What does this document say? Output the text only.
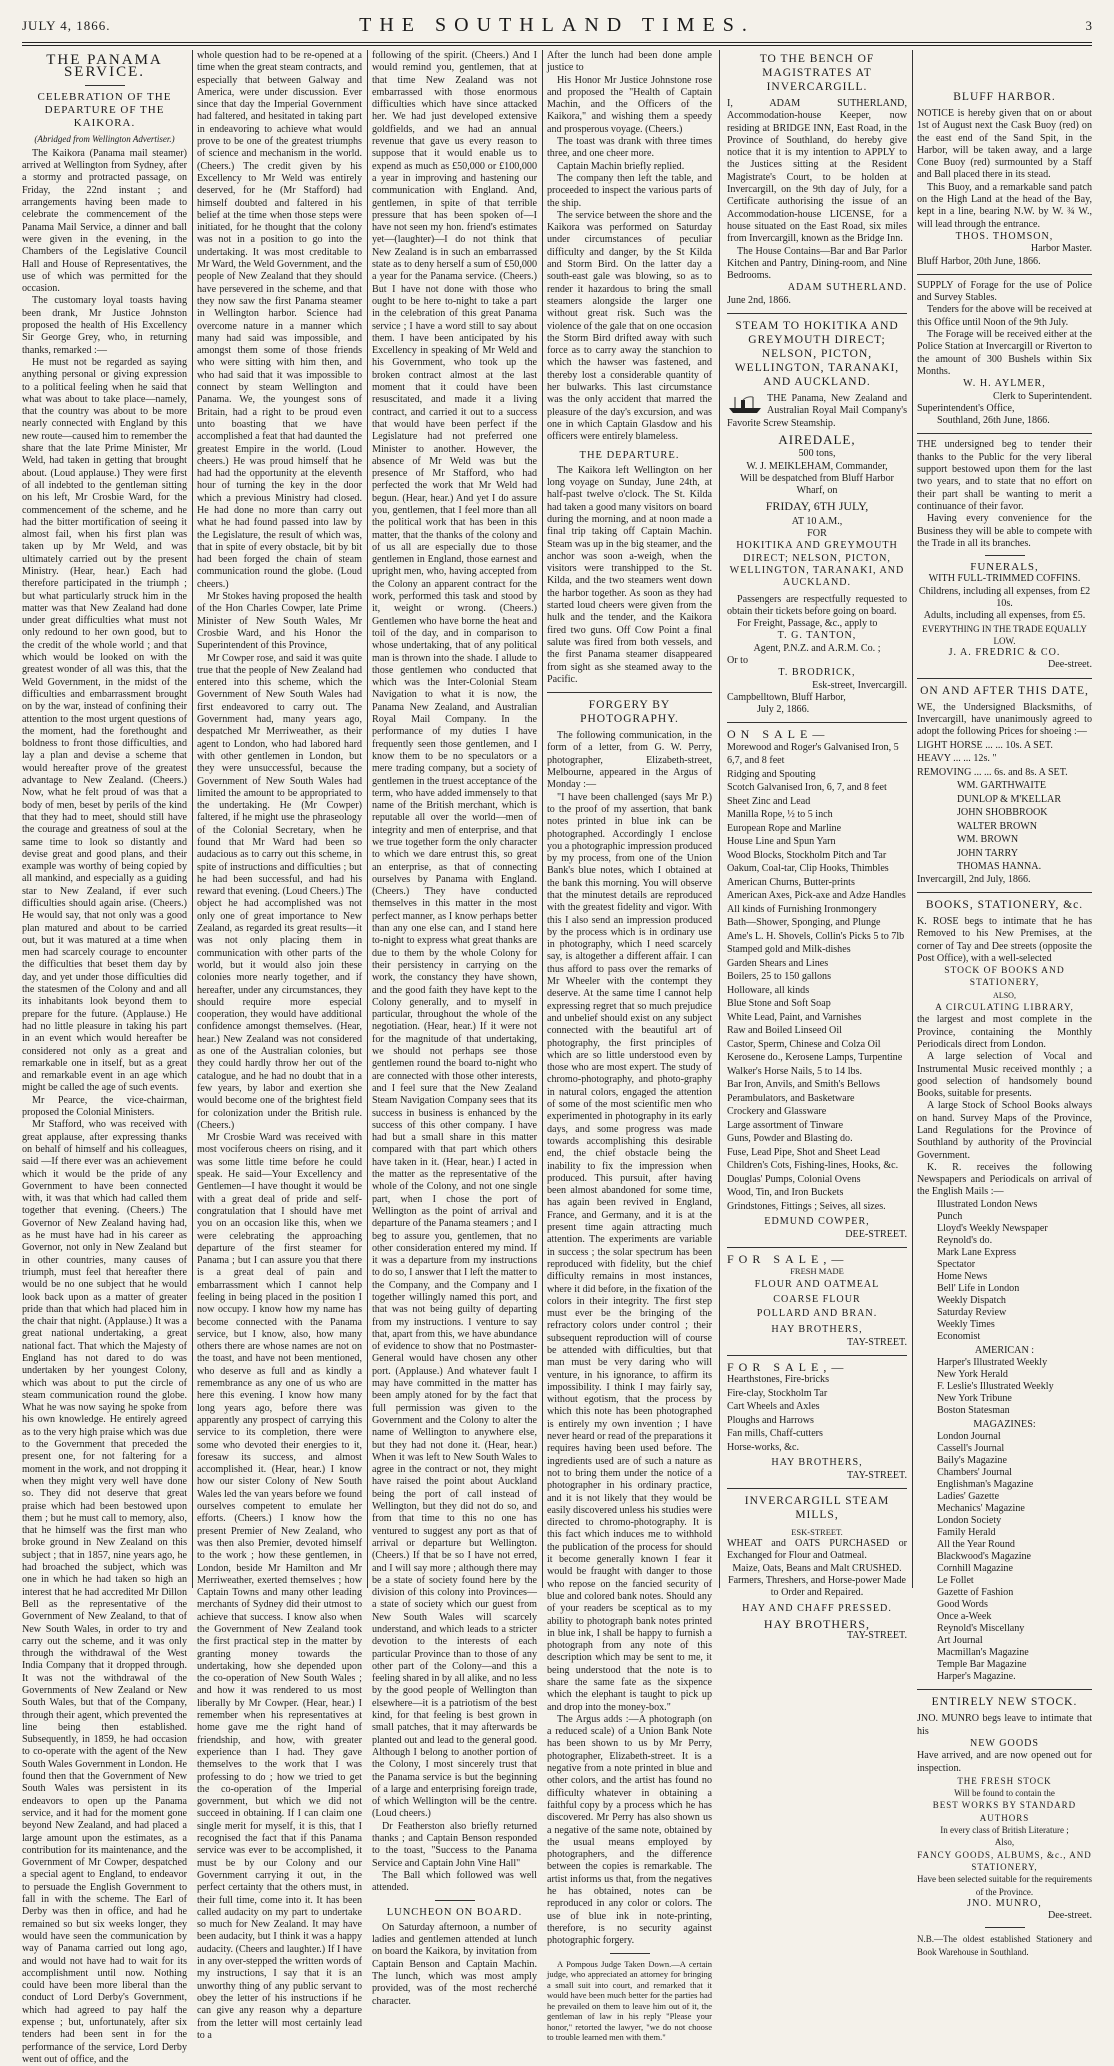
JULY 4, 1866.	THE SOUTHLAND TIMES.	3
THE PANAMA SERVICE.
CELEBRATION OF THE DEPARTURE OF THE KAIKORA.
(Abridged from Wellington Advertiser.)

The Kaikora (Panama mail steamer) arrived at Wellington from Sydney, after a stormy and protracted passage, on Friday, the 22nd instant ; and arrangements having been made to celebrate the commencement of the Panama Mail Service, a dinner and ball were given in the evening, in the Chambers of the Legislative Council Hall and House of Representatives, the use of which was permitted for the occasion.

The customary loyal toasts having been drank, Mr Justice Johnston proposed the health of His Excellency Sir George Grey, who, in returning thanks, remarked :—

He must not be regarded as saying anything personal or giving expression to a political feeling when he said that what was about to take place—namely, that the country was about to be more nearly connected with England by this new route—caused him to remember the share that the late Prime Minister, Mr Weld, had taken in getting that brought about. (Loud applause.) They were first of all indebted to the gentleman sitting on his left, Mr Crosbie Ward, for the commencement of the scheme, and he had the bitter mortification of seeing it almost fail, when his first plan was taken up by Mr Weld, and was ultimately carried out by the present Ministry. (Hear, hear.) Each had therefore participated in the triumph ; but what particularly struck him in the matter was that New Zealand had done under great difficulties what must not only redound to her own good, but to the credit of the whole world ; and that which would be looked on with the greatest wonder of all was this, that the Weld Government, in the midst of the difficulties and embarrassment brought on by the war, instead of confining their attention to the most urgent questions of the moment, had the forethought and boldness to front those difficulties, and lay a plan and devise a scheme that would hereafter prove of the greatest advantage to New Zealand. (Cheers.) Now, what he felt proud of was that a body of men, beset by perils of the kind that they had to meet, should still have the courage and greatness of soul at the same time to look so distantly and devise great and good plans, and their example was worthy of being copied by all mankind, and especially as a guiding star to New Zealand, if ever such difficulties should again arise. (Cheers.) He would say, that not only was a good plan matured and about to be carried out, but it was matured at a time when men had scarcely courage to encounter the difficulties that beset them day by day, and yet under those difficulties did the statesmen of the Colony and and all its inhabitants look beyond them to prepare for the future. (Applause.) He had no little pleasure in taking his part in an event which would hereafter be considered not only as a great and remarkable one in itself, but as a great and remarkable event in an age which might be called the age of such events.

Mr Pearce, the vice-chairman, proposed the Colonial Ministers.

Mr Stafford, who was received with great applause, after expressing thanks on behalf of himself and his colleagues, said —If there ever was an achievement which it would be the pride of any Government to have been connected with, it was that which had called them together that evening. (Cheers.) The Governor of New Zealand having had, as he must have had in his career as Governor, not only in New Zealand but in other countries, many causes of triumph, must feel that hereafter there would be no one subject that he would look back upon as a matter of greater pride than that which had placed him in the chair that night. (Applause.) It was a great national undertaking, a great national fact. That which the Majesty of England has not dared to do was undertaken by her youngest Colony, which was about to put the circle of steam communication round the globe. What he was now saying he spoke from his own knowledge. He entirely agreed as to the very high praise which was due to the Government that preceded the present one, for not faltering for a moment in the work, and not dropping it when they might very well have done so. They did not deserve that great praise which had been bestowed upon them ; but he must call to memory, also, that he himself was the first man who broke ground in New Zealand on this subject ; that in 1857, nine years ago, he had broached the subject, which was one in which he had taken so high an interest that he had accredited Mr Dillon Bell as the representative of the Government of New Zealand, to that of New South Wales, in order to try and carry out the scheme, and it was only through the withdrawal of the West India Company that it dropped through. It was not the withdrawal of the Governments of New Zealand or New South Wales, but that of the Company, through their agent, which prevented the line being then established. Subsequently, in 1859, he had occasion to co-operate with the agent of the New South Wales Government in London. He found then that the Government of New South Wales was persistent in its endeavors to open up the Panama service, and it had for the moment gone beyond New Zealand, and had placed a large amount upon the estimates, as a contribution for its maintenance, and the Government of Mr Cowper, despatched a special agent to England, to endeavor to persuade the English Government to fall in with the scheme. The Earl of Derby was then in office, and had he remained so but six weeks longer, they would have seen the communication by way of Panama carried out long ago, and would not have had to wait for its accomplishment until now. Nothing could have been more liberal than the conduct of Lord Derby's Government, which had agreed to pay half the expense ; but, unfortunately, after six tenders had been sent in for the performance of the service, Lord Derby went out of office, and the

whole question had to be re-opened at a time when the great steam contracts, and especially that between Galway and America, were under discussion. Ever since that day the Imperial Government had faltered, and hesitated in taking part in endeavoring to achieve what would prove to be one of the greatest triumphs of science and mechanism in the world. (Cheers.) The credit given by his Excellency to Mr Weld was entirely deserved, for he (Mr Stafford) had himself doubted and faltered in his belief at the time when those steps were initiated, for he thought that the colony was not in a position to go into the undertaking. It was most creditable to Mr Ward, the Weld Government, and the people of New Zealand that they should have persevered in the scheme, and that they now saw the first Panama steamer in Wellington harbor. Science had overcome nature in a manner which many had said was impossible, and amongst them some of those friends who were sitting with him then, and who had said that it was impossible to connect by steam Wellington and Panama. We, the youngest sons of Britain, had a right to be proud even unto boasting that we have accomplished a feat that had daunted the greatest Empire in the world. (Loud cheers.) He was proud himself that he had had the opportunity at the eleventh hour of turning the key in the door which a previous Ministry had closed. He had done no more than carry out what he had found passed into law by the Legislature, the result of which was, that in spite of every obstacle, bit by bit had been forged the chain of steam communication round the globe. (Loud cheers.)

Mr Stokes having proposed the health of the Hon Charles Cowper, late Prime Minister of New South Wales, Mr Crosbie Ward, and his Honor the Superintendent of this Province,

Mr Cowper rose, and said it was quite true that the people of New Zealand had entered into this scheme, which the Government of New South Wales had first endeavored to carry out. The Government had, many years ago, despatched Mr Merriweather, as their agent to London, who had labored hard with other gentlemen in London, but they were unsuccessful, because the Government of New South Wales had limited the amount to be appropriated to the undertaking. He (Mr Cowper) faltered, if he might use the phraseology of the Colonial Secretary, when he found that Mr Ward had been so audacious as to carry out this scheme, in spite of instructions and difficulties ; but he had been successful, and had his reward that evening. (Loud Cheers.) The object he had accomplished was not only one of great importance to New Zealand, as regarded its great results—it was not only placing them in communication with other parts of the world, but it would also join these colonies more nearly together, and if hereafter, under any circumstances, they should require more especial cooperation, they would have additional confidence amongst themselves. (Hear, hear.) New Zealand was not considered as one of the Australian colonies, but they could hardly throw her out of the catalogue, and he had no doubt that in a few years, by labor and exertion she would become one of the brightest field for colonization under the British rule. (Cheers.)

Mr Crosbie Ward was received with most vociferous cheers on rising, and it was some little time before he could speak. He said—Your Excellency and Gentlemen—I have thought it would be with a great deal of pride and self-congratulation that I should have met you on an occasion like this, when we were celebrating the approaching departure of the first steamer for Panama ; but I can assure you that there is a great deal of pain and embarrassment which I cannot help feeling in being placed in the position I now occupy. I know how my name has become connected with the Panama service, but I know, also, how many others there are whose names are not on the toast, and have not been mentioned, who deserve as full and as kindly a remembrance as any one of us who are here this evening. I know how many long years ago, before there was apparently any prospect of carrying this service to its completion, there were some who devoted their energies to it, foresaw its success, and almost accomplished it. (Hear, hear.) I know how our sister Colony of New South Wales led the van years before we found ourselves competent to emulate her efforts. (Cheers.) I know how the present Premier of New Zealand, who was then also Premier, devoted himself to the work ; how these gentlemen, in London, beside Mr Hamilton and Mr Merriweather, exerted themselves ; how Captain Towns and many other leading merchants of Sydney did their utmost to achieve that success. I know also when the Government of New Zealand took the first practical step in the matter by granting money towards the undertaking, how she depended upon the co-operation of New South Wales ; and how it was rendered to us most liberally by Mr Cowper. (Hear, hear.) I remember when his representatives at home gave me the right hand of friendship, and how, with greater experience than I had. They gave themselves to the work that I was professing to do ; how we tried to get the co-operation of the Imperial government, but which we did not succeed in obtaining. If I can claim one single merit for myself, it is this, that I recognised the fact that if this Panama service was ever to be accomplished, it must be by our Colony and our Government carrying it out, in the perfect certainty that the others must, in their full time, come into it. It has been called audacity on my part to undertake so much for New Zealand. It may have been audacity, but I think it was a happy audacity. (Cheers and laughter.) If I have in any over-stepped the written words of my instructions, I say that it is an unworthy thing of any public servant to obey the letter of his instructions if he can give any reason why a departure from the letter will most certainly lead to a

following of the spirit. (Cheers.) And I would remind you, gentlemen, that at that time New Zealand was not embarrassed with those enormous difficulties which have since attacked her. We had just developed extensive goldfields, and we had an annual revenue that gave us every reason to suppose that it would enable us to expend as much as £50,000 or £100,000 a year in improving and hastening our communication with England. And, gentlemen, in spite of that terrible pressure that has been spoken of—I have not seen my hon. friend's estimates yet—(laughter)—I do not think that New Zealand is in such an embarrassed state as to deny herself a sum of £50,000 a year for the Panama service. (Cheers.) But I have not done with those who ought to be here to-night to take a part in the celebration of this great Panama service ; I have a word still to say about them. I have been anticipated by his Excellency in speaking of Mr Weld and his Government, who took up the broken contract almost at the last moment that it could have been resuscitated, and made it a living contract, and carried it out to a success that would have been perfect if the Legislature had not preferred one Minister to another. However, the absence of Mr Weld was but the presence of Mr Stafford, who had perfected the work that Mr Weld had begun. (Hear, hear.) And yet I do assure you, gentlemen, that I feel more than all the political work that has been in this matter, that the thanks of the colony and of us all are especially due to those gentlemen in England, those earnest and upright men, who, having accepted from the Colony an apparent contract for the work, performed this task and stood by it, weight or wrong. (Cheers.) Gentlemen who have borne the heat and toil of the day, and in comparison to whose undertaking, that of any political man is thrown into the shade. I allude to those gentlemen who conducted that which was the Inter-Colonial Steam Navigation to what it is now, the Panama New Zealand, and Australian Royal Mail Company. In the performance of my duties I have frequently seen those gentlemen, and I know them to be no speculators or a mere trading company, but a society of gentlemen in the truest acceptance of the term, who have added immensely to that name of the British merchant, which is reputable all over the world—men of integrity and men of enterprise, and that we true together form the only character to which we dare entrust this, so great an enterprise, as that of connecting ourselves by Panama with England. (Cheers.) They have conducted themselves in this matter in the most perfect manner, as I know perhaps better than any one else can, and I stand here to-night to express what great thanks are due to them by the whole Colony for their persistency in carrying on the work, the constancy they have shown, and the good faith they have kept to the Colony generally, and to myself in particular, throughout the whole of the negotiation. (Hear, hear.) If it were not for the magnitude of that undertaking, we should not perhaps see those gentlemen round the board to-night who are connected with those other interests, and I feel sure that the New Zealand Steam Navigation Company sees that its success in business is enhanced by the success of this other company. I have had but a small share in this matter compared with that part which others have taken in it. (Hear, hear.) I acted in the matter as the representative of the whole of the Colony, and not one single part, when I chose the port of Wellington as the point of arrival and departure of the Panama steamers ; and I beg to assure you, gentlemen, that no other consideration entered my mind. If it was a departure from my instructions to do so, I answer that I left the matter to the Company, and the Company and I together willingly named this port, and that was not being guilty of departing from my instructions. I venture to say that, apart from this, we have abundance of evidence to show that no Postmaster-General would have chosen any other port. (Applause.) And whatever fault I may have committed in the matter has been amply atoned for by the fact that full permission was given to the Government and the Colony to alter the name of Wellington to anywhere else, but they had not done it. (Hear, hear.) When it was left to New South Wales to agree in the contract or not, they might have raised the point about Auckland being the port of call instead of Wellington, but they did not do so, and from that time to this no one has ventured to suggest any port as that of arrival or departure but Wellington. (Cheers.) If that be so I have not erred, and I will say more ; although there may be a state of society found here by the division of this colony into Provinces—a state of society which our guest from New South Wales will scarcely understand, and which leads to a stricter devotion to the interests of each particular Province than to those of any other part of the Colony—and this a feeling shared in by all alike, and no less by the good people of Wellington than elsewhere—it is a patriotism of the best kind, for that feeling is best grown in small patches, that it may afterwards be planted out and lead to the general good. Although I belong to another portion of the Colony, I most sincerely trust that the Panama service is but the beginning of a large and enterprising foreign trade, of which Wellington will be the centre. (Loud cheers.)

Dr Featherston also briefly returned thanks ; and Captain Benson responded to the toast, "Success to the Panama Service and Captain John Vine Hall"

The Ball which followed was well attended.

LUNCHEON ON BOARD.

On Saturday afternoon, a number of ladies and gentlemen attended at lunch on board the Kaikora, by invitation from Captain Benson and Captain Machin. The lunch, which was most amply provided, was of the most recherché character.

After the lunch had been done ample justice to

His Honor Mr Justice Johnstone rose and proposed the "Health of Captain Machin, and the Officers of the Kaikora," and wishing them a speedy and prosperous voyage. (Cheers.)

The toast was drank with three times three, and one cheer more.

Captain Machin briefly replied.

The company then left the table, and proceeded to inspect the various parts of the ship.

The service between the shore and the Kaikora was performed on Saturday under circumstances of peculiar difficulty and danger, by the St Kilda and Storm Bird. On the latter day a south-east gale was blowing, so as to render it hazardous to bring the small steamers alongside the larger one without great risk. Such was the violence of the gale that on one occasion the Storm Bird drifted away with such force as to carry away the stanchion to which the hawser was fastened, and thereby lost a considerable quantity of her bulwarks. This last circumstance was the only accident that marred the pleasure of the day's excursion, and was one in which Captain Glasdow and his officers were entirely blameless.

THE DEPARTURE.

The Kaikora left Wellington on her long voyage on Sunday, June 24th, at half-past twelve o'clock. The St. Kilda had taken a good many visitors on board during the morning, and at noon made a final trip taking off Captain Machin. Steam was up in the big steamer, and the anchor was soon a-weigh, when the visitors were transhipped to the St. Kilda, and the two steamers went down the harbor together. As soon as they had started loud cheers were given from the hulk and the tender, and the Kaikora fired two guns. Off Cow Point a final salute was fired from both vessels, and the first Panama steamer disappeared from sight as she steamed away to the Pacific.

FORGERY BY PHOTOGRAPHY.

The following communication, in the form of a letter, from G. W. Perry, photographer, Elizabeth-street, Melbourne, appeared in the Argus of Monday :—

"I have been challenged (says Mr P.) to the proof of my assertion, that bank notes printed in blue ink can be photographed. Accordingly I enclose you a photographic impression produced by my process, from one of the Union Bank's blue notes, which I obtained at the bank this morning. You will observe that the minutest details are reproduced with the greatest fidelity and vigor. With this I also send an impression produced by the process which is in ordinary use in photography, which I need scarcely say, is altogether a different affair. I can thus afford to pass over the remarks of Mr Wheeler with the contempt they deserve. At the same time I cannot help expressing regret that so much prejudice and unbelief should exist on any subject connected with the beautiful art of photography, the first principles of which are so little understood even by those who are most expert. The study of chromo-photography, and photo-graphy in natural colors, engaged the attention of some of the most scientific men who experimented in photography in its early days, and some progress was made towards accomplishing this desirable end, the chief obstacle being the inability to fix the impression when produced. This pursuit, after having been almost abandoned for some time, has again been revived in England, France, and Germany, and it is at the present time again attracting much attention. The experiments are variable in success ; the solar spectrum has been reproduced with fidelity, but the chief difficulty remains in most instances, where it did before, in the fixation of the colors in their integrity. The first step must ever be the bringing of the refractory colors under control ; their subsequent reproduction will of course be attended with difficulties, but that man must be very daring who will venture, in his ignorance, to affirm its impossibility. I think I may fairly say, without egotism, that the process by which this note has been photographed is entirely my own invention ; I have never heard or read of the preparations it requires having been used before. The ingredients used are of such a nature as not to bring them under the notice of a photographer in his ordinary practice, and it is not likely that they would be easily discovered unless his studies were directed to chromo-photography. It is this fact which induces me to withhold the publication of the process for should it become generally known I fear it would be fraught with danger to those who repose on the fancied security of blue and colored bank notes. Should any of your readers be sceptical as to my ability to photograph bank notes printed in blue ink, I shall be happy to furnish a photograph from any note of this description which may be sent to me, it being understood that the note is to share the same fate as the sixpence which the elephant is taught to pick up and drop into the money-box."

The Argus adds :—A photograph (on a reduced scale) of a Union Bank Note has been shown to us by Mr Perry, photographer, Elizabeth-street. It is a negative from a note printed in blue and other colors, and the artist has found no difficulty whatever in obtaining a faithful copy by a process which he has discovered. Mr Perry has also shown us a negative of the same note, obtained by the usual means employed by photographers, and the difference between the copies is remarkable. The artist informs us that, from the negatives he has obtained, notes can be reproduced in any color or colors. The use of blue ink in note-printing, therefore, is no security against photographic forgery.

A Pompous Judge Taken Down.—A certain judge, who appreciated an attorney for bringing a small suit into court, and remarked that it would have been much better for the parties had he prevailed on them to leave him out of it, the gentleman of law in his reply "Please your honor," retorted the lawyer, "we do not choose to trouble learned men with them."

TO THE BENCH OF MAGISTRATES AT INVERCARGILL.

I, ADAM SUTHERLAND, Accommodation-house Keeper, now residing at BRIDGE INN, East Road, in the Province of Southland, do hereby give notice that it is my intention to APPLY to the Justices sitting at the Resident Magistrate's Court, to be holden at Invercargill, on the 9th day of July, for a Certificate authorising the issue of an Accommodation-house LICENSE, for a house situated on the East Road, six miles from Invercargill, known as the Bridge Inn.

The House Contains—Bar and Bar Parlor Kitchen and Pantry, Dining-room, and Nine Bedrooms.

ADAM SUTHERLAND.
June 2nd, 1866.
STEAM TO HOKITIKA AND GREYMOUTH DIRECT; NELSON, PICTON, WELLINGTON, TARANAKI, AND AUCKLAND.

THE Panama, New Zealand and Australian Royal Mail Company's Favorite Screw Steamship.

AIREDALE,
500 tons,
W. J. MEIKLEHAM, Commander,
Will be despatched from Bluff Harbor Wharf, on
FRIDAY, 6TH JULY,
AT 10 A.M.,
FOR
HOKITIKA AND GREYMOUTH DIRECT; NELSON, PICTON, WELLINGTON, TARANAKI, AND AUCKLAND.

Passengers are respectfully requested to obtain their tickets before going on board.

For Freight, Passage, &c., apply to

T. G. TANTON,
Agent, P.N.Z. and A.R.M. Co. ;
Or to
T. BRODRICK,
Esk-street, Invercargill.
Campbelltown, Bluff Harbor,
July 2, 1866.
ON SALE—
Morewood and Roger's Galvanised Iron, 5 6,7, and 8 feet
Ridging and Spouting
Scotch Galvanised Iron, 6, 7, and 8 feet
Sheet Zinc and Lead
Manilla Rope, ½ to 5 inch
European Rope and Marline
House Line and Spun Yarn
Wood Blocks, Stockholm Pitch and Tar
Oakum, Coal-tar, Clip Hooks, Thimbles
American Churns, Butter-prints
American Axes, Pick-axe and Adze Handles
All kinds of Furnishing Ironmongery
Bath—Shower, Sponging, and Plunge
Ame's L. H. Shovels, Collin's Picks 5 to 7lb
Stamped gold and Milk-dishes
Garden Shears and Lines
Boilers, 25 to 150 gallons
Holloware, all kinds
Blue Stone and Soft Soap
White Lead, Paint, and Varnishes
Raw and Boiled Linseed Oil
Castor, Sperm, Chinese and Colza Oil
Kerosene do., Kerosene Lamps, Turpentine
Walker's Horse Nails, 5 to 14 lbs.
Bar Iron, Anvils, and Smith's Bellows
Perambulators, and Basketware
Crockery and Glassware
Large assortment of Tinware
Guns, Powder and Blasting do.
Fuse, Lead Pipe, Shot and Sheet Lead
Children's Cots, Fishing-lines, Hooks, &c.
Douglas' Pumps, Colonial Ovens
Wood, Tin, and Iron Buckets
Grindstones, Fittings ; Seives, all sizes.
EDMUND COWPER,
DEE-STREET.
FOR SALE,—
FRESH MADE
FLOUR AND OATMEAL
COARSE FLOUR
POLLARD AND BRAN.
HAY BROTHERS,
TAY-STREET.
FOR SALE,—
Hearthstones, Fire-bricks
Fire-clay, Stockholm Tar
Cart Wheels and Axles
Ploughs and Harrows
Fan mills, Chaff-cutters
Horse-works, &c.
HAY BROTHERS,
TAY-STREET.
INVERCARGILL STEAM MILLS,
ESK-STREET.

WHEAT and OATS PURCHASED or Exchanged for Flour and Oatmeal.

Maize, Oats, Beans and Malt CRUSHED.
Farmers, Threshers, and Horse-power Made to Order and Repaired.
HAY AND CHAFF PRESSED.
HAY BROTHERS,
TAY-STREET.
BLUFF HARBOR.

NOTICE is hereby given that on or about 1st of August next the Cask Buoy (red) on the east end of the Sand Spit, in the Harbor, will be taken away, and a large Cone Buoy (red) surmounted by a Staff and Ball placed there in its stead.

This Buoy, and a remarkable sand patch on the High Land at the head of the Bay, kept in a line, bearing N.W. by W. ¾ W., will lead through the entrance.

THOS. THOMSON,
Harbor Master.
Bluff Harbor, 20th June, 1866.

SUPPLY of Forage for the use of Police and Survey Stables.

Tenders for the above will be received at this Office until Noon of the 9th July.

The Forage will be received either at the Police Station at Invercargill or Riverton to the amount of 300 Bushels within Six Months.

W. H. AYLMER,
Clerk to Superintendent.
Superintendent's Office,
Southland, 26th June, 1866.

THE undersigned beg to tender their thanks to the Public for the very liberal support bestowed upon them for the last two years, and to state that no effort on their part shall be wanting to merit a continuance of their favor.

Having every convenience for the Business they will be able to compete with the Trade in all its branches.

FUNERALS,
WITH FULL-TRIMMED COFFINS.
Childrens, including all expenses, from £2 10s.
Adults, including all expenses, from £5.
EVERYTHING IN THE TRADE EQUALLY LOW.
J. A. FREDRIC & CO.
Dee-street.
ON AND AFTER THIS DATE,

WE, the Undersigned Blacksmiths, of Invercargill, have unanimously agreed to adopt the following Prices for shoeing :—

LIGHT HORSE ... ... 10s. A SET.
HEAVY ... ... 12s. "
REMOVING ... ... 6s. and 8s. A SET.
WM. GARTHWAITE
DUNLOP & M'KELLAR
JOHN SHOBBROOK
WALTER BROWN
WM. BROWN
JOHN TARRY
THOMAS HANNA.
Invercargill, 2nd July, 1866.
BOOKS, STATIONERY, &c.

K. ROSE begs to intimate that he has Removed to his New Premises, at the corner of Tay and Dee streets (opposite the Post Office), with a well-selected

STOCK OF BOOKS AND STATIONERY,
ALSO,
A CIRCULATING LIBRARY,

the largest and most complete in the Province, containing the Monthly Periodicals direct from London.

A large selection of Vocal and Instrumental Music received monthly ; a good selection of handsomely bound Books, suitable for presents.

A large Stock of School Books always on hand. Survey Maps of the Province, Land Regulations for the Province of Southland by authority of the Provincial Government.

K. R. receives the following Newspapers and Periodicals on arrival of the English Mails :—

Illustrated London News
Punch
Lloyd's Weekly Newspaper
Reynold's do.
Mark Lane Express
Spectator
Home News
Bell' Life in London
Weekly Dispatch
Saturday Review
Weekly Times
Economist
AMERICAN :
Harper's Illustrated Weekly
New York Herald
F. Leslie's Illustrated Weekly
New York Tribune
Boston Statesman
MAGAZINES:
London Journal
Cassell's Journal
Baily's Magazine
Chambers' Journal
Englishman's Magazine
Ladies' Gazette
Mechanics' Magazine
London Society
Family Herald
All the Year Round
Blackwood's Magazine
Cornhill Magazine
Le Follet
Gazette of Fashion
Good Words
Once a-Week
Reynold's Miscellany
Art Journal
Macmillan's Magazine
Temple Bar Magazine
Harper's Magazine.
ENTIRELY NEW STOCK.

JNO. MUNRO begs leave to intimate that his

NEW GOODS
Have arrived, and are now opened out for inspection.
THE FRESH STOCK
Will be found to contain the
BEST WORKS BY STANDARD AUTHORS
In every class of British Literature ;
Also,
FANCY GOODS, ALBUMS, &c., AND STATIONERY,
Have been selected suitable for the requirements of the Province.
JNO. MUNRO,
Dee-street.
N.B.—The oldest established Stationery and Book Warehouse in Southland.
